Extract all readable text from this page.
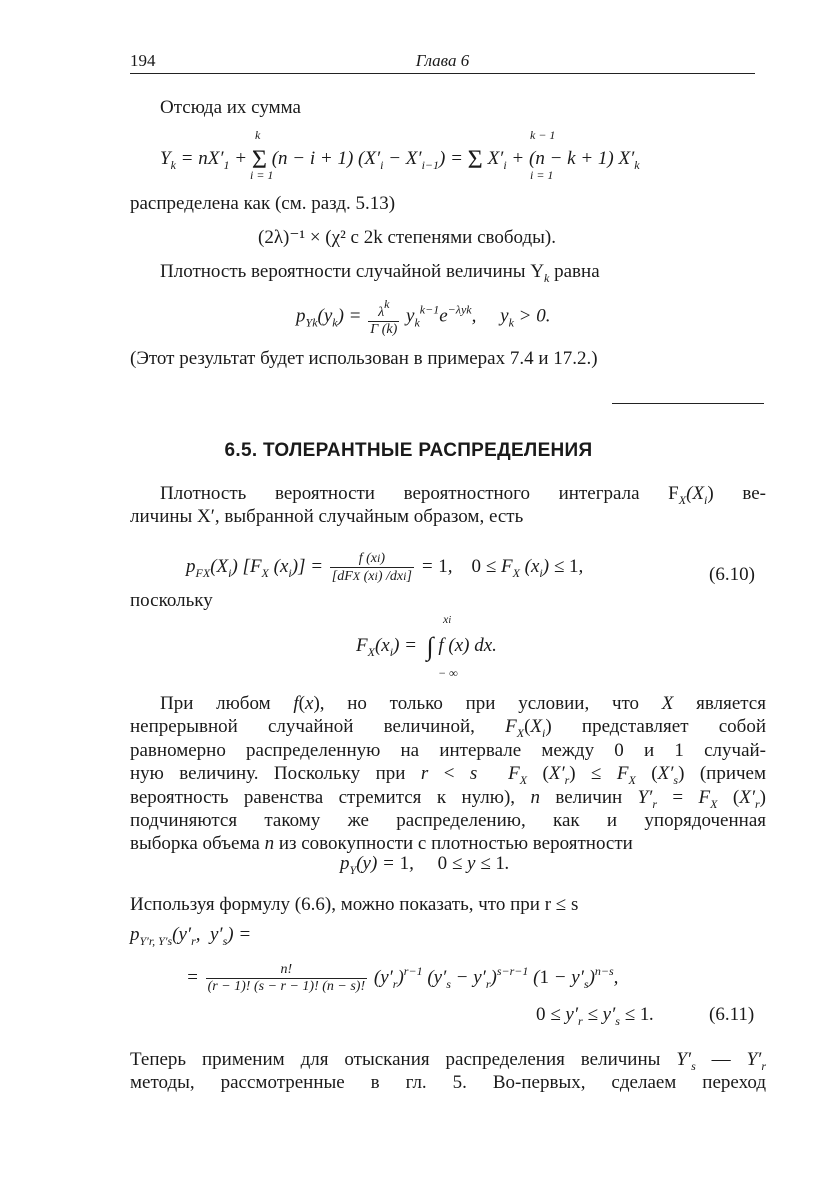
194	Глава 6
Отсюда их сумма
$Y_k = nX'_1 + \Sigma$ (n − i + 1) $(X'_i - X'_{i-1}) = \Sigma$ $X'_i + (n - k + 1)$ $X'_k$
k
i = 1
k − 1
i = 1
распределена как (см. разд. 5.13)
(2λ)⁻¹ × (χ² с 2k степенями свободы).
Плотность вероятности случайной величины $Y_k$ равна
$p_{Yk}(y_k) = \frac{\lambda k}{\Gamma (k)} y_k^{k-1}e^{-\lambda yk}$,     $y_k > 0$.
(Этот результат будет использован в примерах 7.4 и 17.2.)
6.5. ТОЛЕРАНТНЫЕ РАСПРЕДЕЛЕНИЯ
Плотность вероятности вероятностного интеграла $F_X(X_i)$ ве-
личины X′, выбранной случайным образом, есть
$p_{FX}(X_i)$ [$F_X$ $(x_i)] = \frac{f (xi)}{\text{[dFX (xi) /dxi]}} = 1$,    $0 \le F_X$ $(x_i) \le 1$,	(6.10)
поскольку
xi
$F_X(x_i)$ =  ∫ f (x) dx.
− ∞
При любом f(x), но только при условии, что X является
непрерывной случайной величиной, $F_X(X_i)$ представляет собой
равномерно распределенную на интервале между 0 и 1 случай-
ную величину. Поскольку при r < s $F_X$ $(X'_r) \le F_X$ $(X'_s)$ (причем
вероятность равенства стремится к нулю), n величин $Y'_r = F_X$ $(X'_r)$
подчиняются такому же распределению, как и упорядоченная
выборка объема n из совокупности с плотностью вероятности
$p_Y(y) = 1$,     0 ≤ y ≤ 1.
Используя формулу (6.6), можно показать, что при r ≤ s
$p_{Y'r, Y's}(y'_r$,  $y'_s$) =
= $\frac{n!}{(r - 1)! (s - r - 1)! (n - s)!} (y'_r)^{r-1}$ $(y'_s - y'_r)^{s-r-1}$ $(1 - y'_s)^{n-s}$,
$0 \le y'_r \le y'_s \le 1$.	(6.11)
Теперь применим для отыскания распределения величины $Y'_s$ — $Y'_r$
методы, рассмотренные в гл. 5. Во-первых, сделаем переход
